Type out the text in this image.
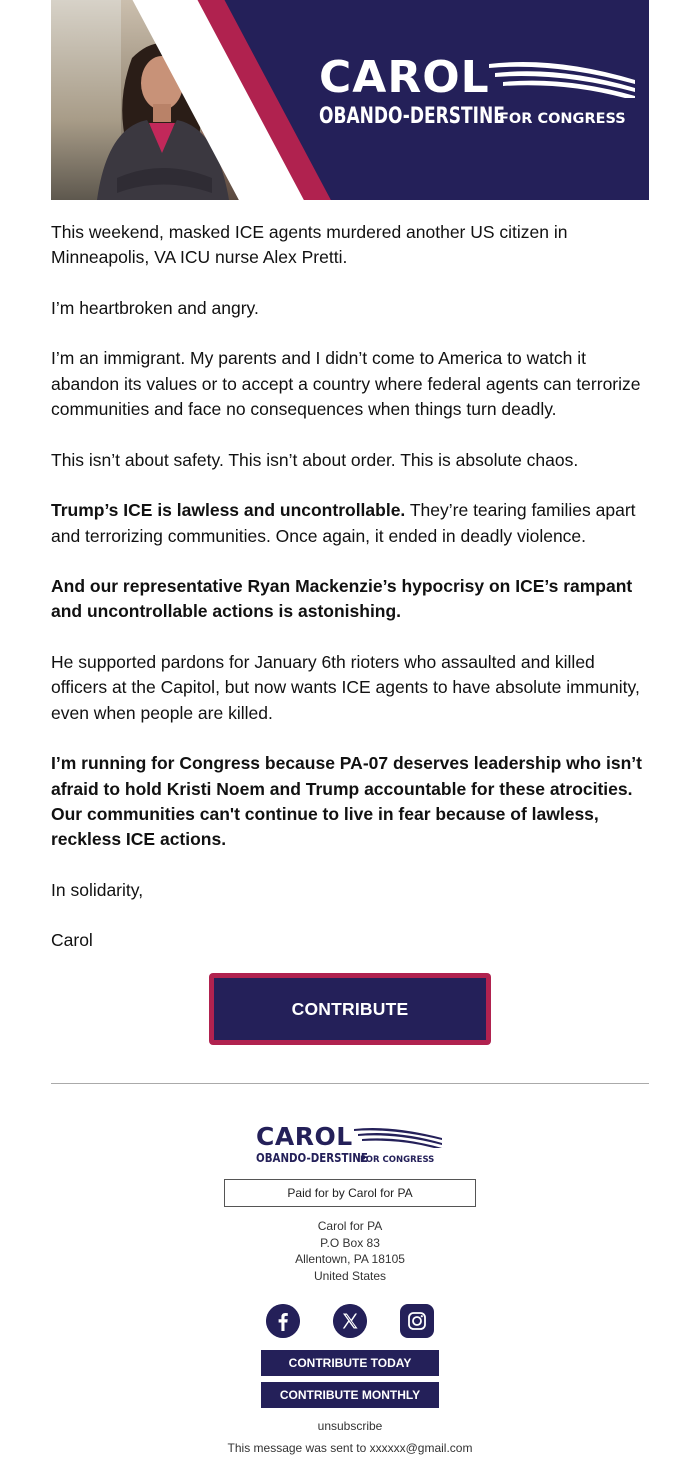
CAROL
OBANDO-DERSTINE
FOR CONGRESS

This weekend, masked ICE agents murdered another US citizen in Minneapolis, VA ICU nurse Alex Pretti.

I’m heartbroken and angry.

I’m an immigrant. My parents and I didn’t come to America to watch it abandon its values or to accept a country where federal agents can terrorize communities and face no consequences when things turn deadly.

This isn’t about safety. This isn’t about order. This is absolute chaos.

Trump’s ICE is lawless and uncontrollable. They’re tearing families apart and terrorizing communities. Once again, it ended in deadly violence.

And our representative Ryan Mackenzie’s hypocrisy on ICE’s rampant and uncontrollable actions is astonishing.

He supported pardons for January 6th rioters who assaulted and killed officers at the Capitol, but now wants ICE agents to have absolute immunity, even when people are killed.

I’m running for Congress because PA-07 deserves leadership who isn’t afraid to hold Kristi Noem and Trump accountable for these atrocities. Our communities can't continue to live in fear because of lawless, reckless ICE actions.

In solidarity,

Carol

CONTRIBUTE
CAROL
OBANDO-DERSTINE
FOR CONGRESS
Paid for by Carol for PA
Carol for PA
P.O Box 83
Allentown, PA 18105
United States
CONTRIBUTE TODAY
CONTRIBUTE MONTHLY
unsubscribe
This message was sent to xxxxxx@gmail.com
